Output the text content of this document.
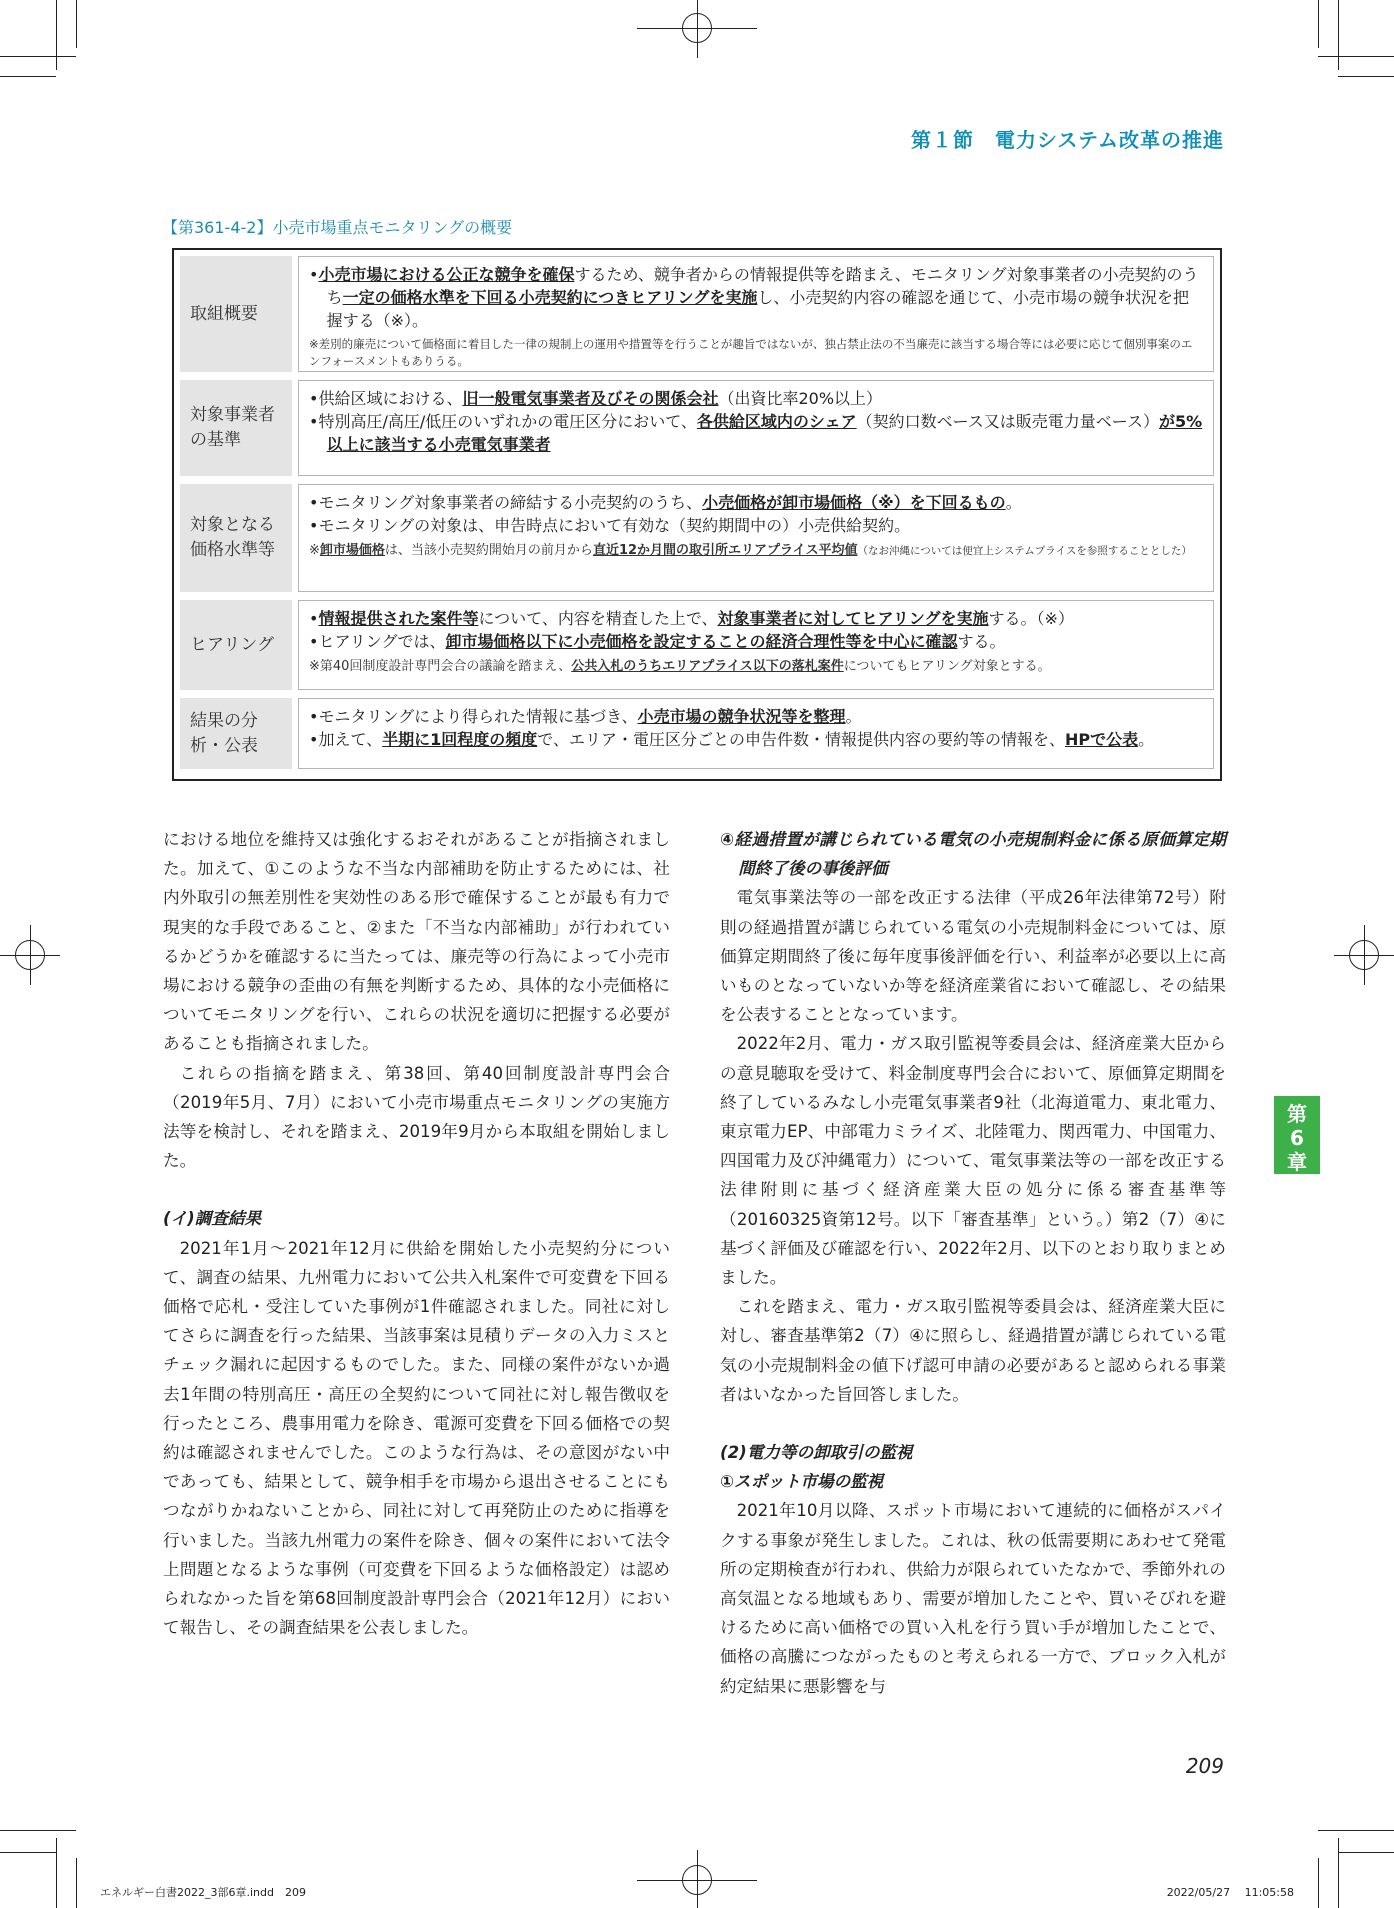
第１節　電力システム改革の推進
【第361-4-2】小売市場重点モニタリングの概要
取組概要

•小売市場における公正な競争を確保するため、競争者からの情報提供等を踏まえ、モニタリング対象事業者の小売契約のうち一定の価格水準を下回る小売契約につきヒアリングを実施し、小売契約内容の確認を通じて、小売市場の競争状況を把握する（※）。

※差別的廉売について価格面に着目した一律の規制上の運用や措置等を行うことが趣旨ではないが、独占禁止法の不当廉売に該当する場合等には必要に応じて個別事案のエンフォースメントもありうる。

対象事業者の基準

•供給区域における、旧一般電気事業者及びその関係会社（出資比率20%以上）

•特別高圧/高圧/低圧のいずれかの電圧区分において、各供給区域内のシェア（契約口数ベース又は販売電力量ベース）が5%以上に該当する小売電気事業者

対象となる価格水準等

•モニタリング対象事業者の締結する小売契約のうち、小売価格が卸市場価格（※）を下回るもの。

•モニタリングの対象は、申告時点において有効な（契約期間中の）小売供給契約。

※卸市場価格は、当該小売契約開始月の前月から直近12か月間の取引所エリアプライス平均値（なお沖縄については便宜上システムプライスを参照することとした）

ヒアリング

•情報提供された案件等について、内容を精査した上で、対象事業者に対してヒアリングを実施する。（※）

•ヒアリングでは、卸市場価格以下に小売価格を設定することの経済合理性等を中心に確認する。

※第40回制度設計専門会合の議論を踏まえ、公共入札のうちエリアプライス以下の落札案件についてもヒアリング対象とする。

結果の分析・公表

•モニタリングにより得られた情報に基づき、小売市場の競争状況等を整理。

•加えて、半期に1回程度の頻度で、エリア・電圧区分ごとの申告件数・情報提供内容の要約等の情報を、HPで公表。

における地位を維持又は強化するおそれがあることが指摘されました。加えて、①このような不当な内部補助を防止するためには、社内外取引の無差別性を実効性のある形で確保することが最も有力で現実的な手段であること、②また「不当な内部補助」が行われているかどうかを確認するに当たっては、廉売等の行為によって小売市場における競争の歪曲の有無を判断するため、具体的な小売価格についてモニタリングを行い、これらの状況を適切に把握する必要があることも指摘されました。

これらの指摘を踏まえ、第38回、第40回制度設計専門会合（2019年5月、7月）において小売市場重点モニタリングの実施方法等を検討し、それを踏まえ、2019年9月から本取組を開始しました。

(イ)調査結果

2021年1月～2021年12月に供給を開始した小売契約分について、調査の結果、九州電力において公共入札案件で可変費を下回る価格で応札・受注していた事例が1件確認されました。同社に対してさらに調査を行った結果、当該事案は見積りデータの入力ミスとチェック漏れに起因するものでした。また、同様の案件がないか過去1年間の特別高圧・高圧の全契約について同社に対し報告徴収を行ったところ、農事用電力を除き、電源可変費を下回る価格での契約は確認されませんでした。このような行為は、その意図がない中であっても、結果として、競争相手を市場から退出させることにもつながりかねないことから、同社に対して再発防止のために指導を行いました。当該九州電力の案件を除き、個々の案件において法令上問題となるような事例（可変費を下回るような価格設定）は認められなかった旨を第68回制度設計専門会合（2021年12月）において報告し、その調査結果を公表しました。

④経過措置が講じられている電気の小売規制料金に係る原価算定期間終了後の事後評価

電気事業法等の一部を改正する法律（平成26年法律第72号）附則の経過措置が講じられている電気の小売規制料金については、原価算定期間終了後に毎年度事後評価を行い、利益率が必要以上に高いものとなっていないか等を経済産業省において確認し、その結果を公表することとなっています。

2022年2月、電力・ガス取引監視等委員会は、経済産業大臣からの意見聴取を受けて、料金制度専門会合において、原価算定期間を終了しているみなし小売電気事業者9社（北海道電力、東北電力、東京電力EP、中部電力ミライズ、北陸電力、関西電力、中国電力、四国電力及び沖縄電力）について、電気事業法等の一部を改正する法律附則に基づく経済産業大臣の処分に係る審査基準等（20160325資第12号。以下「審査基準」という。）第2（7）④に基づく評価及び確認を行い、2022年2月、以下のとおり取りまとめました。

これを踏まえ、電力・ガス取引監視等委員会は、経済産業大臣に対し、審査基準第2（7）④に照らし、経過措置が講じられている電気の小売規制料金の値下げ認可申請の必要があると認められる事業者はいなかった旨回答しました。

(2)電力等の卸取引の監視

①スポット市場の監視

2021年10月以降、スポット市場において連続的に価格がスパイクする事象が発生しました。これは、秋の低需要期にあわせて発電所の定期検査が行われ、供給力が限られていたなかで、季節外れの高気温となる地域もあり、需要が増加したことや、買いそびれを避けるために高い価格での買い入札を行う買い手が増加したことで、価格の高騰につながったものと考えられる一方で、ブロック入札が約定結果に悪影響を与

第
6
章
209
エネルギー白書2022_3部6章.indd　209	2022/05/27　 11:05:58
